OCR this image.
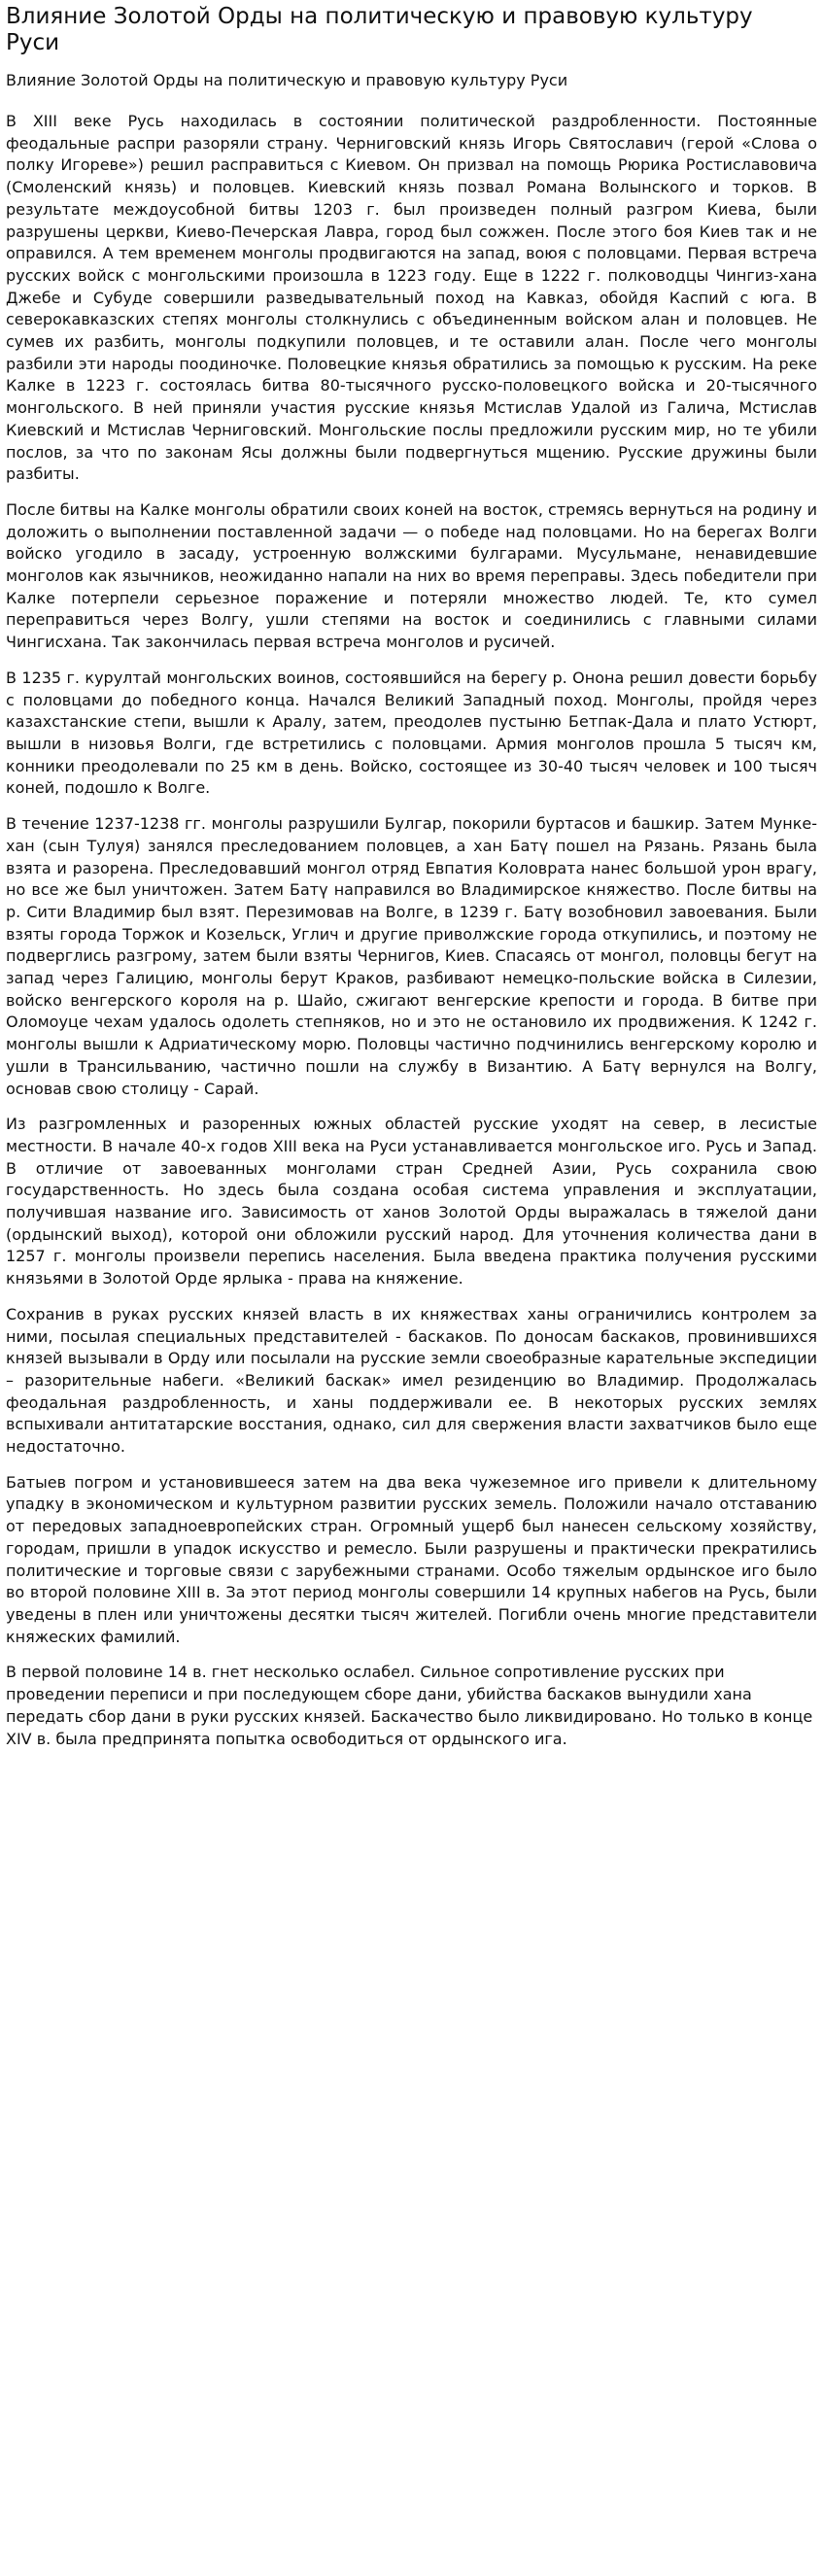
Влияние Золотой Орды на политическую и правовую культуру Руси
Влияние Золотой Орды на политическую и правовую культуру Руси
В XIII веке Русь находилась в состоянии политической раздробленности. Постоянные феодальные распри разоряли страну. Черниговский князь Игорь Святославич (герой «Слова о полку Игореве») решил расправиться с Киевом. Он призвал на помощь Рюрика Ростиславовича (Смоленский князь) и половцев. Киевский князь позвал Романа Волынского и торков. В результате междоусобной битвы 1203 г. был произведен полный разгром Киева, были разрушены церкви, Киево-Печерская Лавра, город был сожжен. После этого боя Киев так и не оправился. А тем временем монголы продвигаются на запад, воюя с половцами. Первая встреча русских войск с монгольскими произошла в 1223 году. Еще в 1222 г. полководцы Чингиз-хана Джебе и Субуде совершили разведывательный поход на Кавказ, обойдя Каспий с юга. В северокавказских степях монголы столкнулись с объединенным войском алан и половцев. Не сумев их разбить, монголы подкупили половцев, и те оставили алан. После чего монголы разбили эти народы поодиночке. Половецкие князья обратились за помощью к русским. На реке Калке в 1223 г. состоялась битва 80-тысячного русско-половецкого войска и 20-тысячного монгольского. В ней приняли участия русские князья Мстислав Удалой из Галича, Мстислав Киевский и Мстислав Черниговский. Монгольские послы предложили русским мир, но те убили послов, за что по законам Ясы должны были подвергнуться мщению. Русские дружины были разбиты.
После битвы на Калке монголы обратили своих коней на восток, стремясь вернуться на родину и доложить о выполнении поставленной задачи — о победе над половцами. Но на берегах Волги войско угодило в засаду, устроенную волжскими булгарами. Мусульмане, ненавидевшие монголов как язычников, неожиданно напали на них во время переправы. Здесь победители при Калке потерпели серьезное поражение и потеряли множество людей. Те, кто сумел переправиться через Волгу, ушли степями на восток и соединились с главными силами Чингисхана. Так закончилась первая встреча монголов и русичей.
В 1235 г. курултай монгольских воинов, состоявшийся на берегу р. Онона решил довести борьбу с половцами до победного конца. Начался Великий Западный поход. Монголы, пройдя через казахстанские степи, вышли к Аралу, затем, преодолев пустыню Бетпак-Дала и плато Устюрт, вышли в низовья Волги, где встретились с половцами. Армия монголов прошла 5 тысяч км, конники преодолевали по 25 км в день. Войско, состоящее из 30-40 тысяч человек и 100 тысяч коней, подошло к Волге.
В течение 1237-1238 гг. монголы разрушили Булгар, покорили буртасов и башкир. Затем Мунке-хан (сын Тулуя) занялся преследованием половцев, а хан Батү пошел на Рязань. Рязань была взята и разорена. Преследовавший монгол отряд Евпатия Коловрата нанес большой урон врагу, но все же был уничтожен. Затем Батү направился во Владимирское княжество. После битвы на р. Сити Владимир был взят. Перезимовав на Волге, в 1239 г. Батү возобновил завоевания. Были взяты города Торжок и Козельск, Углич и другие приволжские города откупились, и поэтому не подверглись разгрому, затем были взяты Чернигов, Киев. Спасаясь от монгол, половцы бегут на запад через Галицию, монголы берут Краков, разбивают немецко-польские войска в Силезии, войско венгерского короля на р. Шайо, сжигают венгерские крепости и города. В битве при Оломоуце чехам удалось одолеть степняков, но и это не остановило их продвижения. К 1242 г. монголы вышли к Адриатическому морю. Половцы частично подчинились венгерскому королю и ушли в Трансильванию, частично пошли на службу в Византию. А Батү вернулся на Волгу, основав свою столицу - Сарай.
Из разгромленных и разоренных южных областей русские уходят на север, в лесистые местности. В начале 40-х годов XIII века на Руси устанавливается монгольское иго. Русь и Запад. В отличие от завоеванных монголами стран Средней Азии, Русь сохранила свою государственность. Но здесь была создана особая система управления и эксплуатации, получившая название иго. Зависимость от ханов Золотой Орды выражалась в тяжелой дани (ордынский выход), которой они обложили русский народ. Для уточнения количества дани в 1257 г. монголы произвели перепись населения. Была введена практика получения русскими князьями в Золотой Орде ярлыка - права на княжение.
Сохранив в руках русских князей власть в их княжествах ханы ограничились контролем за ними, посылая специальных представителей - баскаков. По доносам баскаков, провинившихся князей вызывали в Орду или посылали на русские земли своеобразные карательные экспедиции – разорительные набеги. «Великий баскак» имел резиденцию во Владимир. Продолжалась феодальная раздробленность, и ханы поддерживали ее. В некоторых русских землях вспыхивали антитатарские восстания, однако, сил для свержения власти захватчиков было еще недостаточно.
Батыев погром и установившееся затем на два века чужеземное иго привели к длительному упадку в экономическом и культурном развитии русских земель. Положили начало отставанию от передовых западноевропейских стран. Огромный ущерб был нанесен сельскому хозяйству, городам, пришли в упадок искусство и ремесло. Были разрушены и практически прекратились политические и торговые связи с зарубежными странами. Особо тяжелым ордынское иго было во второй половине XIII в. За этот период монголы совершили 14 крупных набегов на Русь, были уведены в плен или уничтожены десятки тысяч жителей. Погибли очень многие представители княжеских фамилий.
В первой половине 14 в. гнет несколько ослабел. Сильное сопротивление русских при проведении переписи и при последующем сборе дани, убийства баскаков вынудили хана передать сбор дани в руки русских князей. Баскачество было ликвидировано. Но только в конце XIV в. была предпринята попытка освободиться от ордынского ига.
